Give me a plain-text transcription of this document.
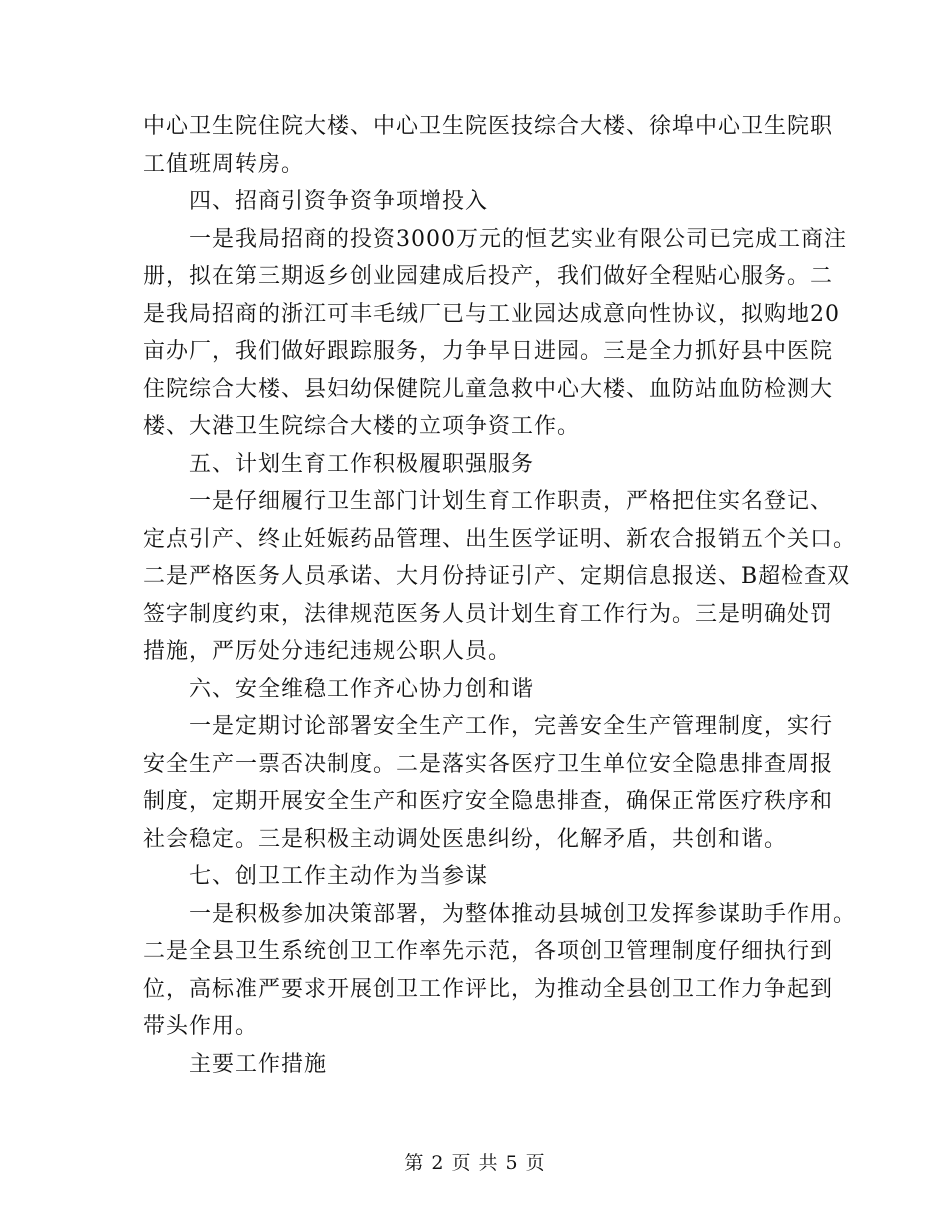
中心卫生院住院大楼、中心卫生院医技综合大楼、徐埠中心卫生院职
工值班周转房。
四、招商引资争资争项增投入
一是我局招商的投资3000万元的恒艺实业有限公司已完成工商注
册，拟在第三期返乡创业园建成后投产，我们做好全程贴心服务。二
是我局招商的浙江可丰毛绒厂已与工业园达成意向性协议，拟购地20
亩办厂，我们做好跟踪服务，力争早日进园。三是全力抓好县中医院
住院综合大楼、县妇幼保健院儿童急救中心大楼、血防站血防检测大
楼、大港卫生院综合大楼的立项争资工作。
五、计划生育工作积极履职强服务
一是仔细履行卫生部门计划生育工作职责，严格把住实名登记、
定点引产、终止妊娠药品管理、出生医学证明、新农合报销五个关口。
二是严格医务人员承诺、大月份持证引产、定期信息报送、B超检查双
签字制度约束，法律规范医务人员计划生育工作行为。三是明确处罚
措施，严厉处分违纪违规公职人员。
六、安全维稳工作齐心协力创和谐
一是定期讨论部署安全生产工作，完善安全生产管理制度，实行
安全生产一票否决制度。二是落实各医疗卫生单位安全隐患排查周报
制度，定期开展安全生产和医疗安全隐患排查，确保正常医疗秩序和
社会稳定。三是积极主动调处医患纠纷，化解矛盾，共创和谐。
七、创卫工作主动作为当参谋
一是积极参加决策部署，为整体推动县城创卫发挥参谋助手作用。
二是全县卫生系统创卫工作率先示范，各项创卫管理制度仔细执行到
位，高标准严要求开展创卫工作评比，为推动全县创卫工作力争起到
带头作用。
主要工作措施
第 2 页 共 5 页
